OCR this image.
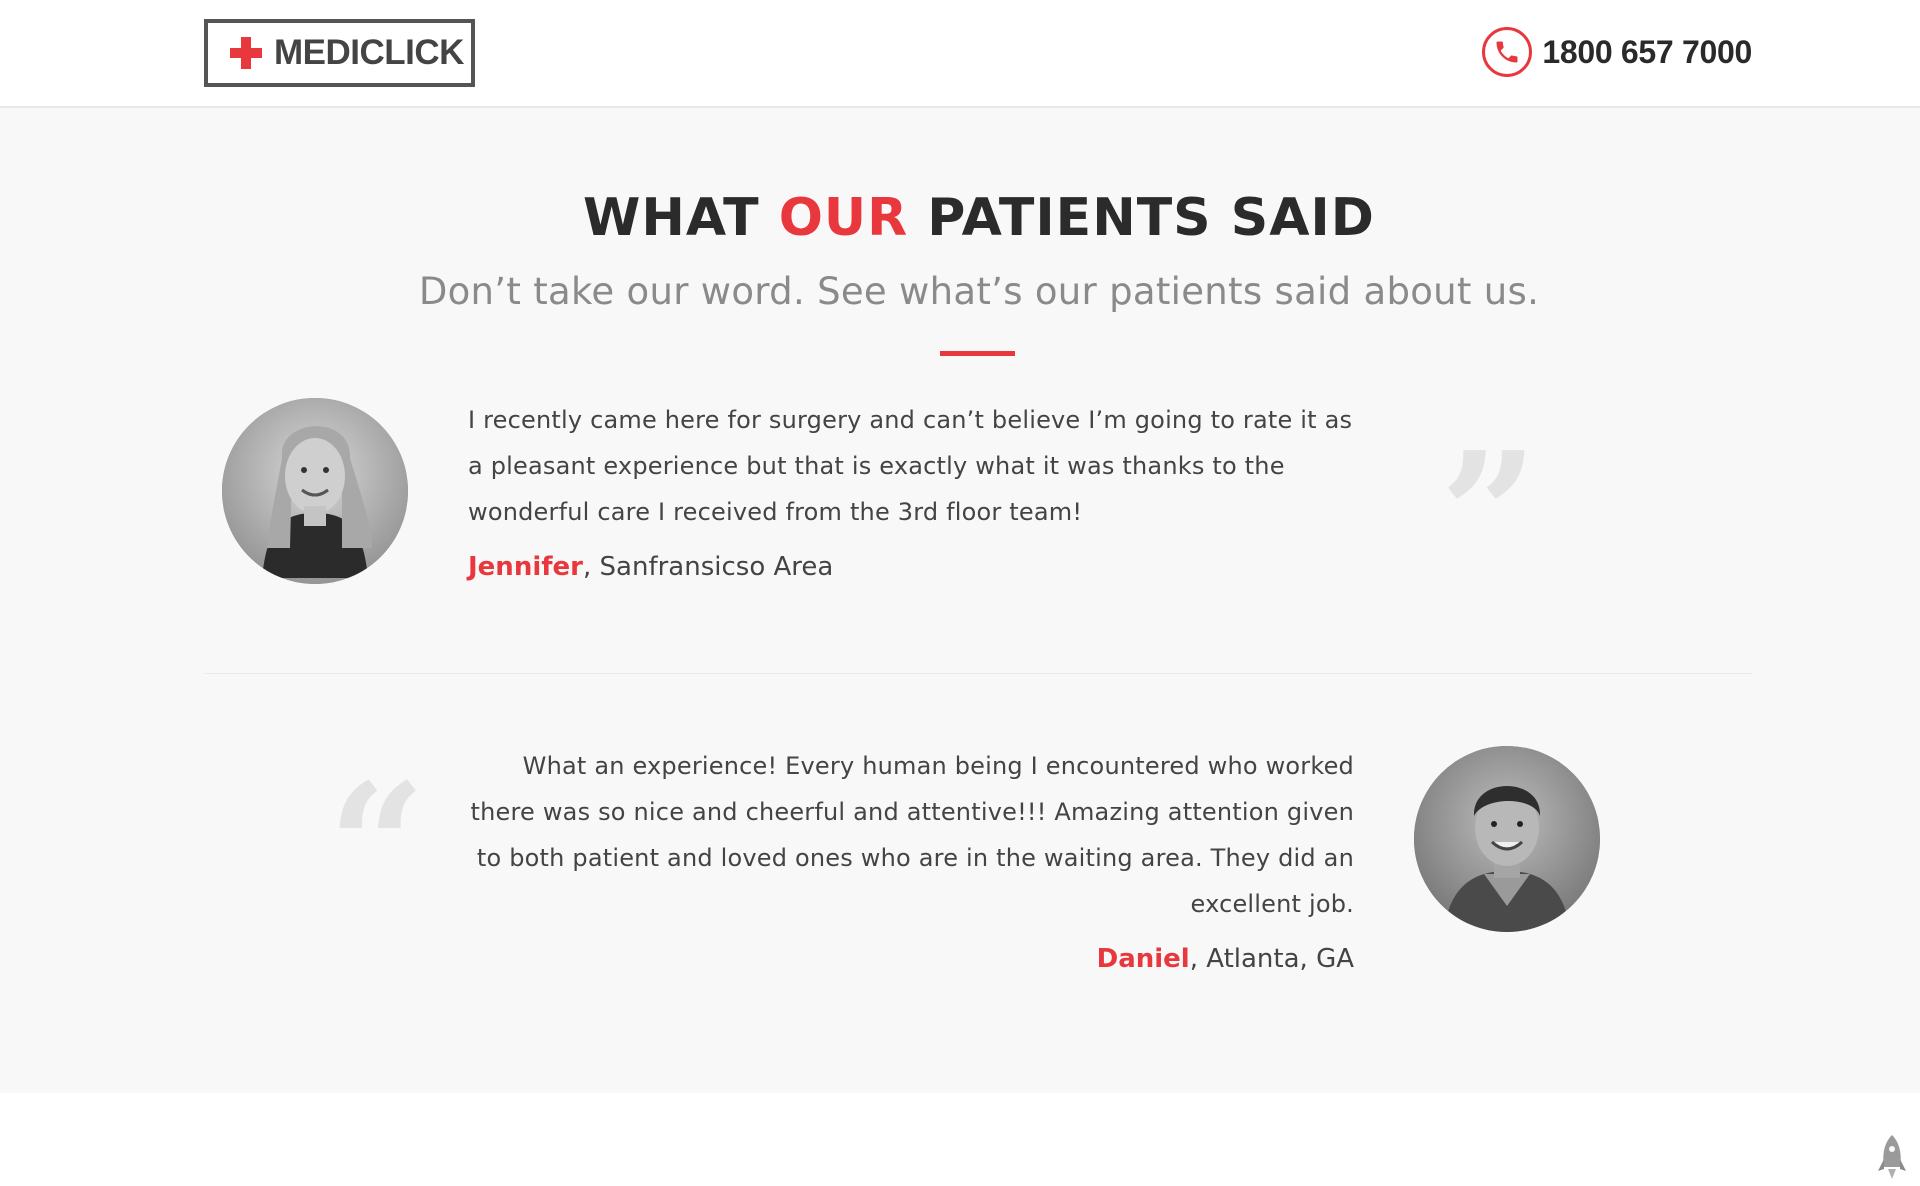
MEDICLICK	1800 657 7000
WHAT OUR PATIENTS SAID
Don’t take our word. See what’s our patients said about us.
I recently came here for surgery and can’t believe I’m going to rate it as a pleasant experience but that is exactly what it was thanks to the wonderful care I received from the 3rd floor team!
Jennifer, Sanfransicso Area	”
“	What an experience! Every human being I encountered who worked there was so nice and cheerful and attentive!!! Amazing attention given to both patient and loved ones who are in the waiting area. They did an excellent job.
Daniel, Atlanta, GA
